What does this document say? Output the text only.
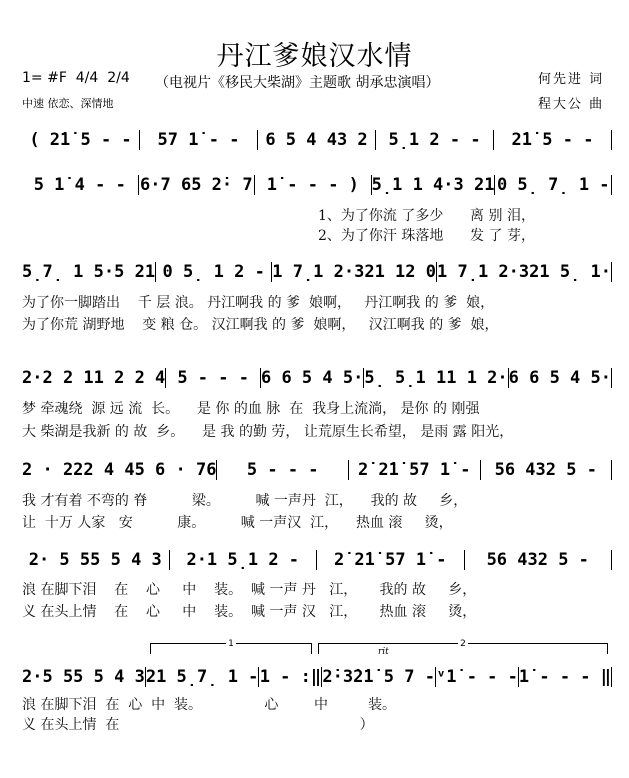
丹江爹娘汉水情
1= #F  4/4  2/4
中速 依恋、深情地
（电视片《移民大柴湖》主题歌 胡承忠演唱）	何先进 词
程大公 曲
1	2
rit
( 2̇1̇ 5 - -	57 1̇ - -	6 5 4 43 2	5̣1 2 - -	2̇1̇ 5 - -
5 1̇ 4 - - 6·7 65 2̇· 7 1̇ - - - ) 5̣1 1 4·3 21 0 5̣ 7̣ 1 -
1、为了你流 了多少      离 别 泪，
2、为了你汗 珠落地      发 了 芽，
5̣7̣ 1 5·5 21 0 5̣ 1 2 - 1 7̣1 2·321 12 0 1 7̣1 2·321 5̣ 1·
为了你一脚踏出    千 层 浪。 丹江啊我 的 爹  娘啊，   丹江啊我 的 爹  娘，
为了你荒 湖野地    变 粮 仓。 汉江啊我 的 爹  娘啊，   汉江啊我 的 爹  娘，
2·2 2 11 2 2 4 5 - - - 6 6 5 4 5· 5̣ 5̣1 11 1 2· 6 6 5 4 5·
梦 牵魂绕  源 远 流  长。    是 你 的血 脉  在  我身上流淌， 是你 的 刚强
大 柴湖是我新 的 故  乡。    是 我 的勤 劳， 让荒原生长希望， 是雨 露 阳光，
2 · 222 4 45 6 · 76	5 - - -	2̇ 2̇1̇ 57 1̇ -	56 432 5 -
我 才有着 不弯的 脊          梁。        喊 一声丹  江，    我的 故     乡，
让  十万 人家   安          康。        喊 一声汉  江，    热血 滚     烫，
2· 5 55 5 4 3	2·1 5̣1 2 -	2̇ 2̇1̇ 57 1̇ -	56 432 5 -
浪 在脚下泪    在    心     中    装。  喊 一声 丹   江，     我的 故     乡，
义 在头上情    在    心     中    装。  喊 一声 汉   江，     热血 滚     烫，
2·5 55 5 4 3 21 5̣7̣ 1 - 1 - :‖ 2̇·3̇2̇1̇ 5 7 - ᵛ1̇ - - - 1̇ - - - ‖
浪 在脚下泪  在  心  中  装。              心        中         装。
义 在头上情  在                                                      ）
